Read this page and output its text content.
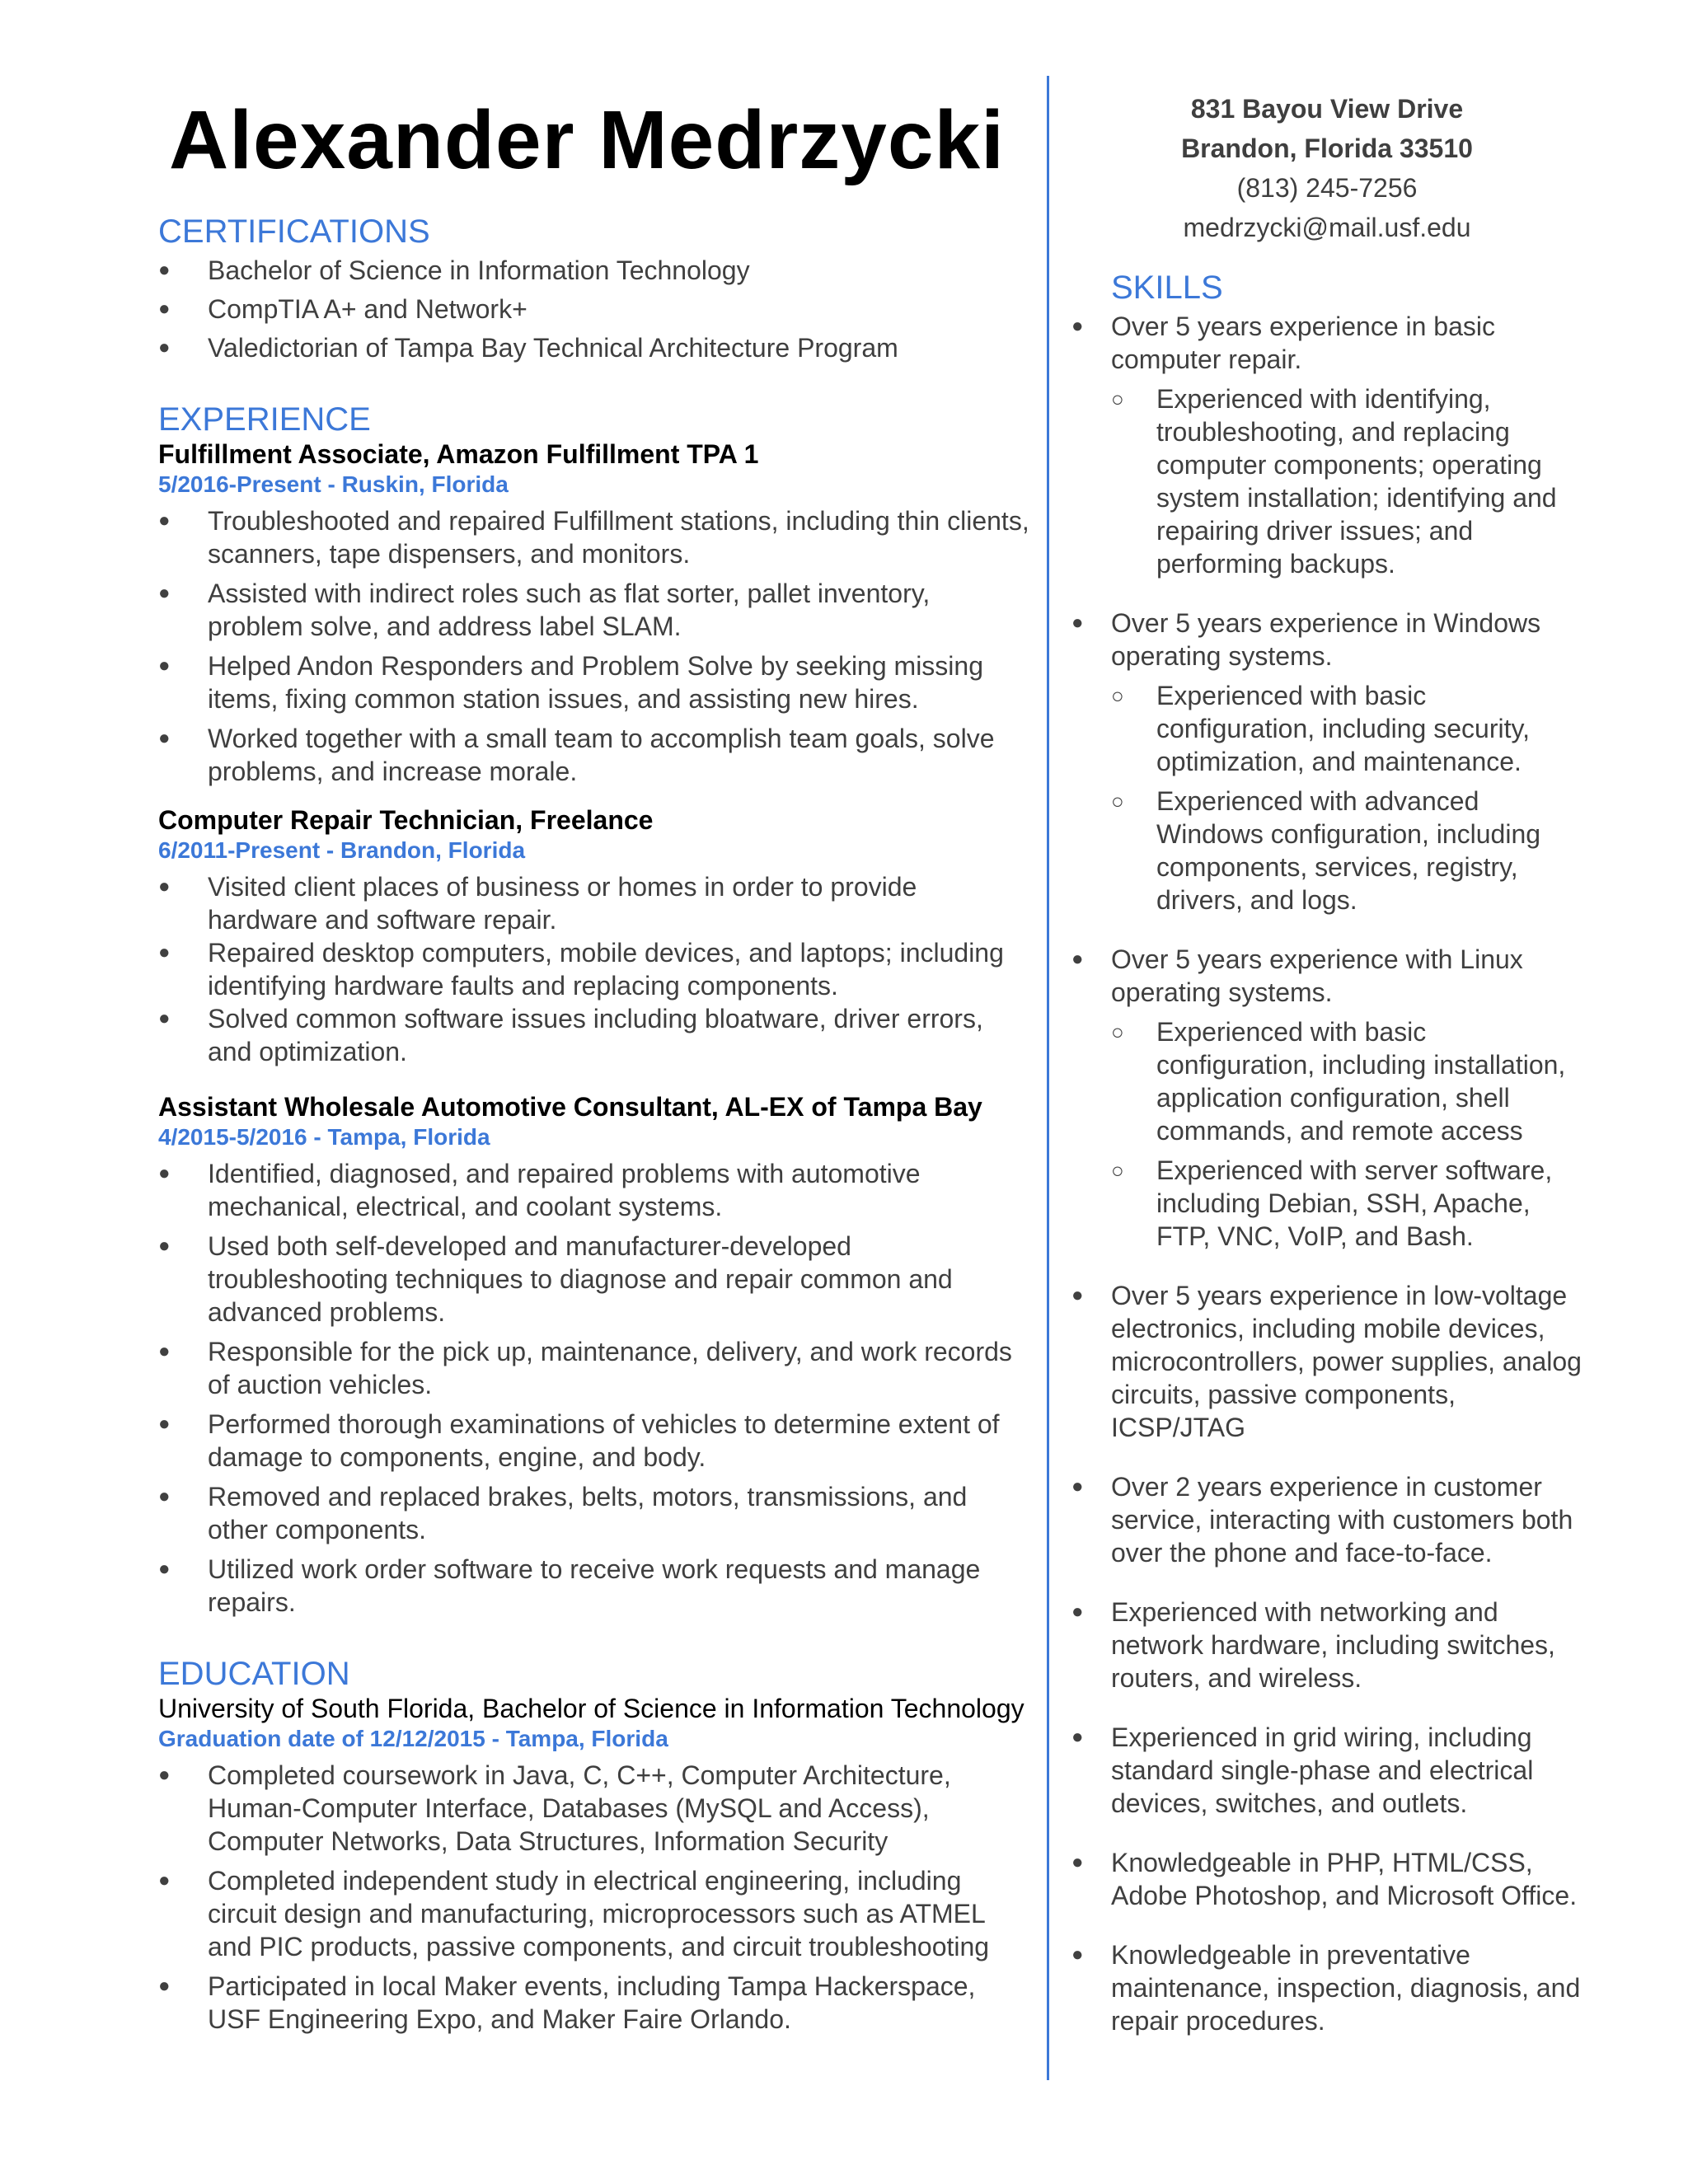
Alexander Medrzycki
CERTIFICATIONS
●	Bachelor of Science in Information Technology
●	CompTIA A+ and Network+
●	Valedictorian of Tampa Bay Technical Architecture Program
EXPERIENCE

Fulfillment Associate, Amazon Fulfillment TPA 1

5/2016-Present - Ruskin, Florida

●	Troubleshooted and repaired Fulfillment stations, including thin clients, scanners, tape dispensers, and monitors.
●	Assisted with indirect roles such as flat sorter, pallet inventory, problem solve, and address label SLAM.
●	Helped Andon Responders and Problem Solve by seeking missing items, fixing common station issues, and assisting new hires.
●	Worked together with a small team to accomplish team goals, solve problems, and increase morale.

Computer Repair Technician, Freelance

6/2011-Present - Brandon, Florida

●	Visited client places of business or homes in order to provide hardware and software repair.
●	Repaired desktop computers, mobile devices, and laptops; including identifying hardware faults and replacing components.
●	Solved common software issues including bloatware, driver errors, and optimization.

Assistant Wholesale Automotive Consultant, AL-EX of Tampa Bay

4/2015-5/2016 - Tampa, Florida

●	Identified, diagnosed, and repaired problems with automotive mechanical, electrical, and coolant systems.
●	Used both self-developed and manufacturer-developed troubleshooting techniques to diagnose and repair common and advanced problems.
●	Responsible for the pick up, maintenance, delivery, and work records of auction vehicles.
●	Performed thorough examinations of vehicles to determine extent of damage to components, engine, and body.
●	Removed and replaced brakes, belts, motors, transmissions, and other components.
●	Utilized work order software to receive work requests and manage repairs.
EDUCATION

University of South Florida, Bachelor of Science in Information Technology

Graduation date of 12/12/2015 - Tampa, Florida

●	Completed coursework in Java, C, C++, Computer Architecture, Human-Computer Interface, Databases (MySQL and Access), Computer Networks, Data Structures, Information Security
●	Completed independent study in electrical engineering, including circuit design and manufacturing, microprocessors such as ATMEL and PIC products, passive components, and circuit troubleshooting
●	Participated in local Maker events, including Tampa Hackerspace, USF Engineering Expo, and Maker Faire Orlando.

831 Bayou View Drive

Brandon, Florida 33510

(813) 245-7256

medrzycki@mail.usf.edu

SKILLS
● Over 5 years experience in basic computer repair.
○ Experienced with identifying, troubleshooting, and replacing computer components; operating system installation; identifying and repairing driver issues; and performing backups.
● Over 5 years experience in Windows operating systems.
○ Experienced with basic configuration, including security, optimization, and maintenance.
○ Experienced with advanced Windows configuration, including components, services, registry, drivers, and logs.
● Over 5 years experience with Linux operating systems.
○ Experienced with basic configuration, including installation, application configuration, shell commands, and remote access
○ Experienced with server software, including Debian, SSH, Apache, FTP, VNC, VoIP, and Bash.
● Over 5 years experience in low-voltage electronics, including mobile devices, microcontrollers, power supplies, analog circuits, passive components, ICSP/JTAG
● Over 2 years experience in customer service, interacting with customers both over the phone and face-to-face.
● Experienced with networking and network hardware, including switches, routers, and wireless.
● Experienced in grid wiring, including standard single-phase and electrical devices, switches, and outlets.
● Knowledgeable in PHP, HTML/CSS, Adobe Photoshop, and Microsoft Office.
● Knowledgeable in preventative maintenance, inspection, diagnosis, and repair procedures.
